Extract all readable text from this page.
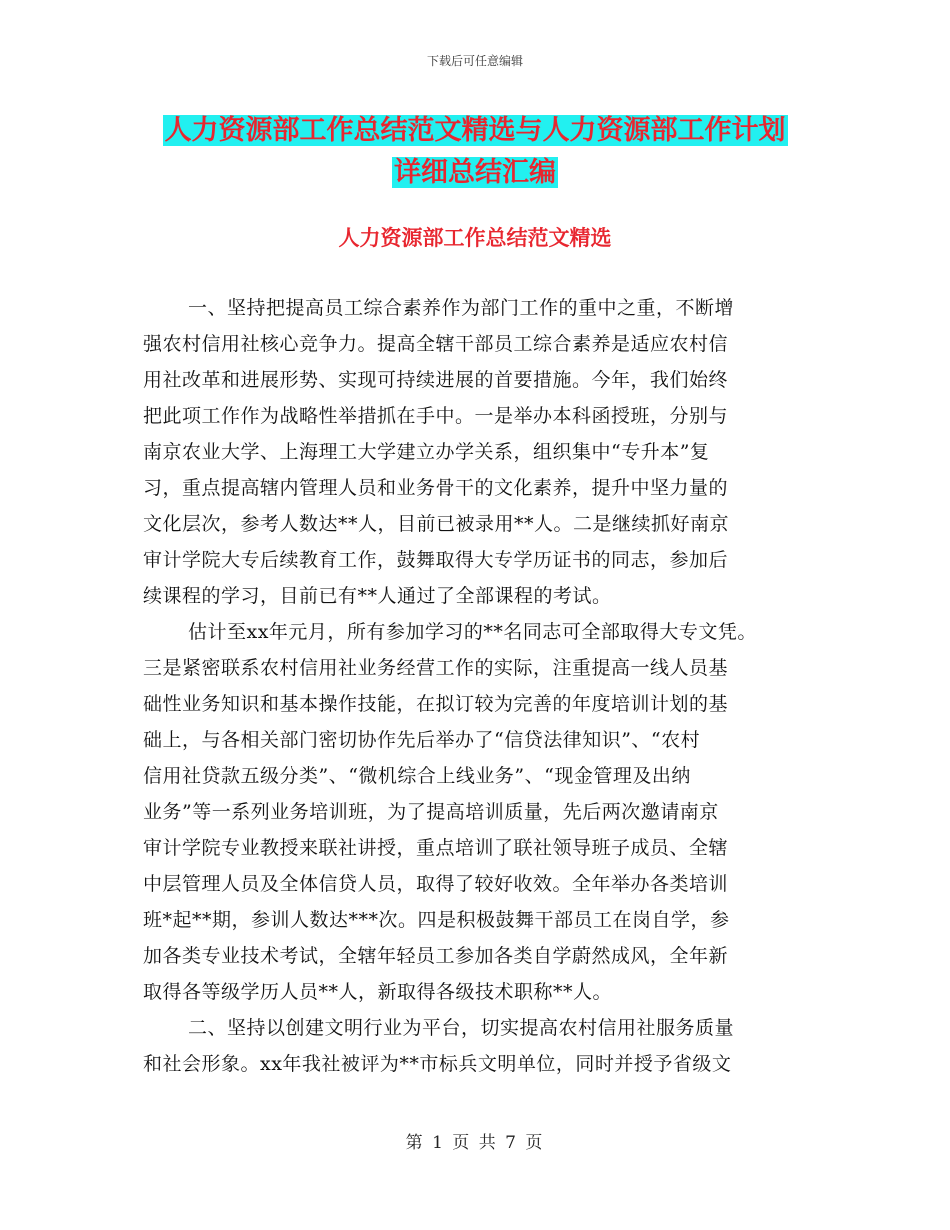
下载后可任意编辑
人力资源部工作总结范文精选与人力资源部工作计划
详细总结汇编
人力资源部工作总结范文精选
一、坚持把提高员工综合素养作为部门工作的重中之重，不断增
强农村信用社核心竞争力。提高全辖干部员工综合素养是适应农村信
用社改革和进展形势、实现可持续进展的首要措施。今年，我们始终
把此项工作作为战略性举措抓在手中。一是举办本科函授班，分别与
南京农业大学、上海理工大学建立办学关系，组织集中“专升本”复
习，重点提高辖内管理人员和业务骨干的文化素养，提升中坚力量的
文化层次，参考人数达**人，目前已被录用**人。二是继续抓好南京
审计学院大专后续教育工作，鼓舞取得大专学历证书的同志，参加后
续课程的学习，目前已有**人通过了全部课程的考试。
估计至xx年元月，所有参加学习的**名同志可全部取得大专文凭。
三是紧密联系农村信用社业务经营工作的实际，注重提高一线人员基
础性业务知识和基本操作技能，在拟订较为完善的年度培训计划的基
础上，与各相关部门密切协作先后举办了“信贷法律知识”、“农村
信用社贷款五级分类”、“微机综合上线业务”、“现金管理及出纳
业务”等一系列业务培训班，为了提高培训质量，先后两次邀请南京
审计学院专业教授来联社讲授，重点培训了联社领导班子成员、全辖
中层管理人员及全体信贷人员，取得了较好收效。全年举办各类培训
班*起**期，参训人数达***次。四是积极鼓舞干部员工在岗自学，参
加各类专业技术考试，全辖年轻员工参加各类自学蔚然成风，全年新
取得各等级学历人员**人，新取得各级技术职称**人。
二、坚持以创建文明行业为平台，切实提高农村信用社服务质量
和社会形象。xx年我社被评为**市标兵文明单位，同时并授予省级文
第 1 页 共 7 页
